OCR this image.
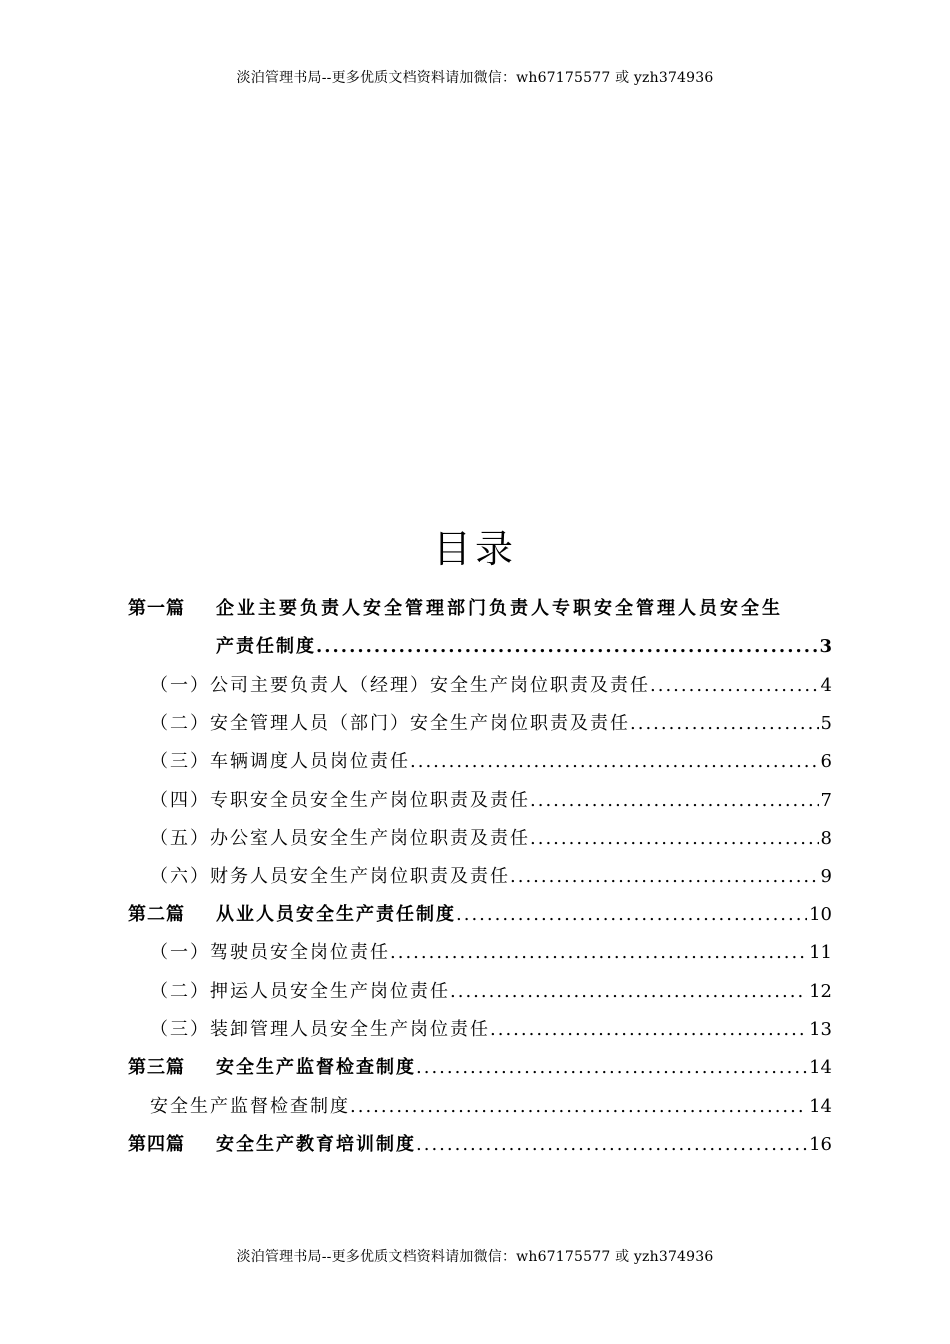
淡泊管理书局--更多优质文档资料请加微信：wh67175577 或 yzh374936
目录
第一篇 企业主要负责人安全管理部门负责人专职安全管理人员安全生
产责任制度 .....	3
（一）公司主要负责人（经理）安全生产岗位职责及责任 .....	4
（二）安全管理人员（部门）安全生产岗位职责及责任 .....	5
（三）车辆调度人员岗位责任 .....	6
（四）专职安全员安全生产岗位职责及责任 .....	7
（五）办公室人员安全生产岗位职责及责任 .....	8
（六）财务人员安全生产岗位职责及责任 .....	9
第二篇 从业人员安全生产责任制度 .....	10
（一）驾驶员安全岗位责任 .....	11
（二）押运人员安全生产岗位责任 .....	12
（三）装卸管理人员安全生产岗位责任 .....	13
第三篇 安全生产监督检查制度 .....	14
安全生产监督检查制度 .....	14
第四篇 安全生产教育培训制度 .....	16
淡泊管理书局--更多优质文档资料请加微信：wh67175577 或 yzh374936
